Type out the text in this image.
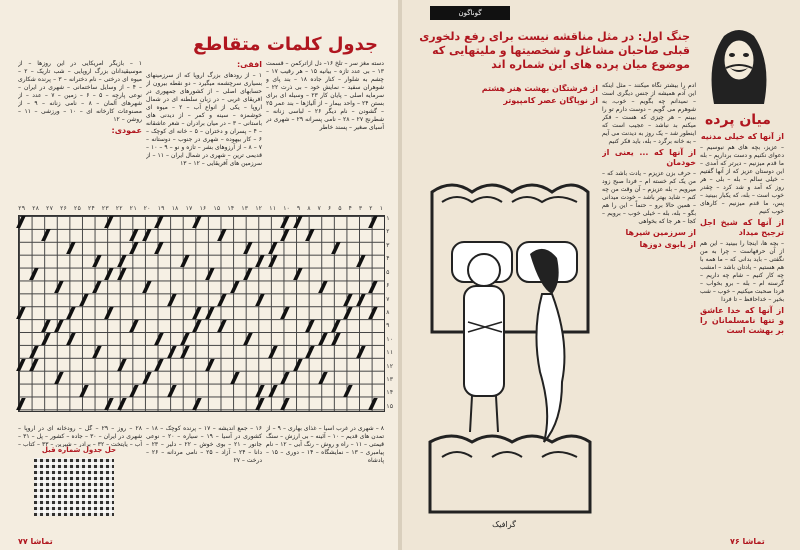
جدول کلمات متقاطع

دسته مغز سر – تلخ ۱۶– دل ازاترکمن – قسمت ۱۳ – بی عدد تازه – بیانیه ۱۵ – هر رقیب ۱۷ – چشم به شلوار – کنار جاده ۱۸ – بند پای و شوهران سفید – نمایش خود – بی ذرت ۲۲ – سرمایه اصلی – پایان کار ۲۳ – وسیله ای برای بستن ۲۴ – واحد بیمار – از آلیاژها – بند عمر ۲۵ – گشودن – نام دیگر ۲۶ – لباسی زنانه – شطرنج ۲۷ – ۲۸ – نامی پسرانه ۲۹ – شهری در آسیای صغیر – پسند خاطر

افقی:

۱ – از رودهای بزرگ اروپا که از سرزمینهای بسیاری سرچشمه میگیرد – دو نقطه بیرون از حسابهای اصلی – از کشورهای جمهوری در افریقای غربی – در زبان سلطنه ای در شمال اروپا – یکی از انواع آب – ۲ – میوه ای خوشمزه – سینه و کمر – از دیدنی های باستانی – ۳ – در میان برادران – شعر عاشقانه – ۴ – پسران و دختران – ۵ – خانه ای کوچک – ۶ – کار بیهوده – شهری در جنوب – دوستانه – ۷ – ۸ – از آرزوهای بشر – تازه و نو – ۹ – ۱۰ – قدیمی ترین – شهری در شمال ایران – ۱۱ – از سرزمین های آفریقایی – ۱۲ – ۱۳

۱ – بازیگر امریکایی در این روزها – از موسیقیدانان بزرگ اروپایی – شب تاریک – ۲ – میوه ای درختی – نام دخترانه – ۳ – پرنده شکاری – ۴ – از وسایل ساختمانی – شهری در ایران – نوعی پارچه – ۵ – ۶ – زمین – ۷ – عدد – از شهرهای آلمان – ۸ – نامی زنانه – ۹ – از مصنوعات کارخانه ای – ۱۰ – ورزشی – ۱۱ – روشن – ۱۲

عمودی:

۱
۲
۳
۴
۵
۶
۷
۸
۹
۱۰
۱۱
۱۲
۱۳
۱۴
۱۵
۱۶
۱۷
۱۸
۱۹
۲۰
۲۱
۲۲
۲۳
۲۴
۲۵
۲۶
۲۷
۲۸
۲۹
۱
۲
۳
۴
۵
۶
۷
۸
۹
۱۰
۱۱
۱۲
۱۳
۱۴
۱۵

۸ – شهری در غرب آسیا – غذای بهاری – ۹ – از تمدن های قدیم – ۱۰ – آئینه – بی ارزش – سنگ قیمتی – ۱۱ – راه و روش – رنگ آبی – ۱۲ – نام پیامبری – ۱۳ – نمایشگاه – ۱۴ – دوری – ۱۵ – پادشاه

۱۶ – جمع اندیشه – ۱۷ – پرنده کوچک – ۱۸ – کشوری در آسیا – ۱۹ – سیاره – ۲۰ – نوعی جانور – ۲۱ – بوی خوش – ۲۲ – دلیر – ۲۳ – دانا – ۲۴ – آزاد – ۲۵ – نامی مردانه – ۲۶ – درخت – ۲۷

۲۸ – روز – ۲۹ – گل – رودخانه ای در اروپا – شهری در ایران – ۳۰ – جاده – کشور – پل – ۳۱ – آب – پایتخت – ۳۲ – برادر – شیرین – ۳۳ – کتاب –

حل جدول شماره قبل
تماشا ۷۷
گوناگون
جنگ اول: در مثل مناقشه نیست برای رفع دلخوری قبلی صاحبان مشاغل و شخصیتها و ملیتهایی که موضوع میان پرده های این شماره اند
میان پرده

از آنها که خیلی مدنیه

– عزیز، بچه های هم نبوسیم – دعوای نکنیم و دست برداریم – بله ما قدم میزنیم – دیرتر که آمدی – این دوستان عزیز که از آنها گفتیم – خیلی سالم – بله – بلی – هر روز که آمد و شد کرد – چقدر خوب است – بله، که یکبار ببینید – پس، ما قدم میزنیم – کارهای خوب کنیم

از آنها که شیخ اجل ترجیح میداد

– بچه ها، اینجا را ببینید – این هم از آن حرفهاست – چرا به من نگفتی – باید بدانی که – ما همه با هم هستیم – یادتان باشد – امشب چه کار کنیم – شام چه داریم – گرسنه ام – بله – برو بخواب – فردا صحبت میکنیم – خوب – شب بخیر – خداحافظ – تا فردا

از آنها که خدا عاشق و تنها نامسلمانان را بر بهشت است

آدم را بیشتر نگاه میکنند – مثل اینکه این آدم همیشه از جنس دیگری است – نمیدانم چه بگویم – خوب، به شوهرم می گویم – دوست دارم تو را ببینم – هر چیزی که هست – فکر میکنم بد نباشد – عجیب است که اینطور شد – یک روز به دیدنت می آیم – به خانه برگرد – بله، باید فکر کنیم

از آنها که ... یعنی از خودمان

– حرف بزن عزیزم – یادت باشد که – من یک کم خسته ام – فردا صبح زود میرویم – بله عزیزم – آن وقت من چه کنم – شاید بهتر باشد – خودت میدانی – همین حالا برو – حتماً – این را هم بگو – بله، بله – خیلی خوب – برویم – کجا – هر جا که بخواهی

از سرزمین شیرها

از یابوی دوزها

از فرشتگان بهشت هنر هشتم

از نوپاگان عصر کامپیوتر

گرافیک
تماشا ۷۶
